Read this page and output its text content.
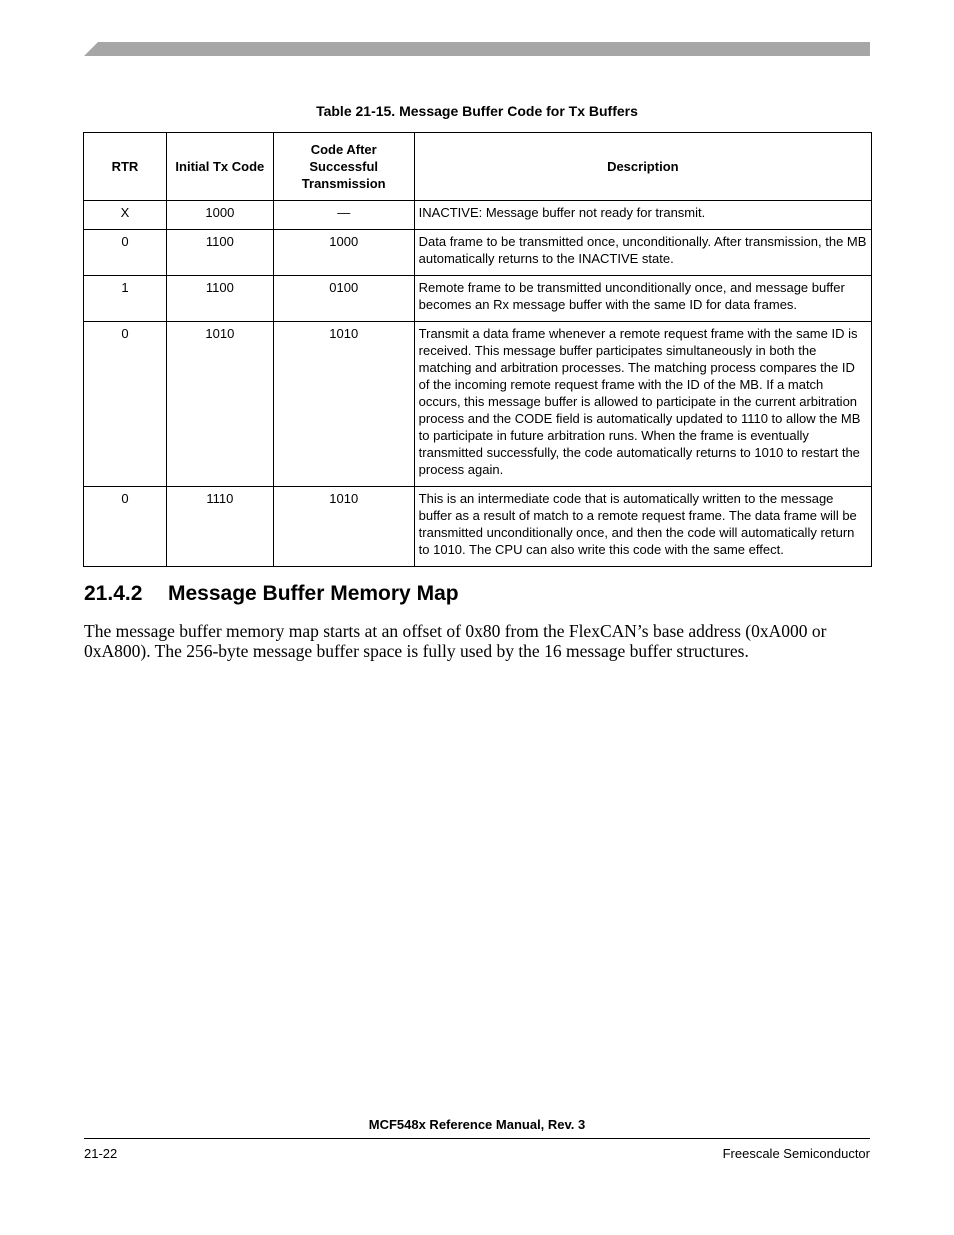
Table 21-15. Message Buffer Code for Tx Buffers
RTR	Initial Tx Code	Code After Successful Transmission	Description
X	1000	—	INACTIVE: Message buffer not ready for transmit.
0	1100	1000	Data frame to be transmitted once, unconditionally. After transmission, the MB automatically returns to the INACTIVE state.
1	1100	0100	Remote frame to be transmitted unconditionally once, and message buffer becomes an Rx message buffer with the same ID for data frames.
0	1010	1010	Transmit a data frame whenever a remote request frame with the same ID is received. This message buffer participates simultaneously in both the matching and arbitration processes. The matching process compares the ID of the incoming remote request frame with the ID of the MB. If a match occurs, this message buffer is allowed to participate in the current arbitration process and the CODE field is automatically updated to 1110 to allow the MB to participate in future arbitration runs. When the frame is eventually transmitted successfully, the code automatically returns to 1010 to restart the process again.
0	1110	1010	This is an intermediate code that is automatically written to the message buffer as a result of match to a remote request frame. The data frame will be transmitted unconditionally once, and then the code will automatically return to 1010. The CPU can also write this code with the same effect.
21.4.2 Message Buffer Memory Map
The message buffer memory map starts at an offset of 0x80 from the FlexCAN’s base address (0xA000 or 0xA800). The 256-byte message buffer space is fully used by the 16 message buffer structures.
MCF548x Reference Manual, Rev. 3
21-22	Freescale Semiconductor
